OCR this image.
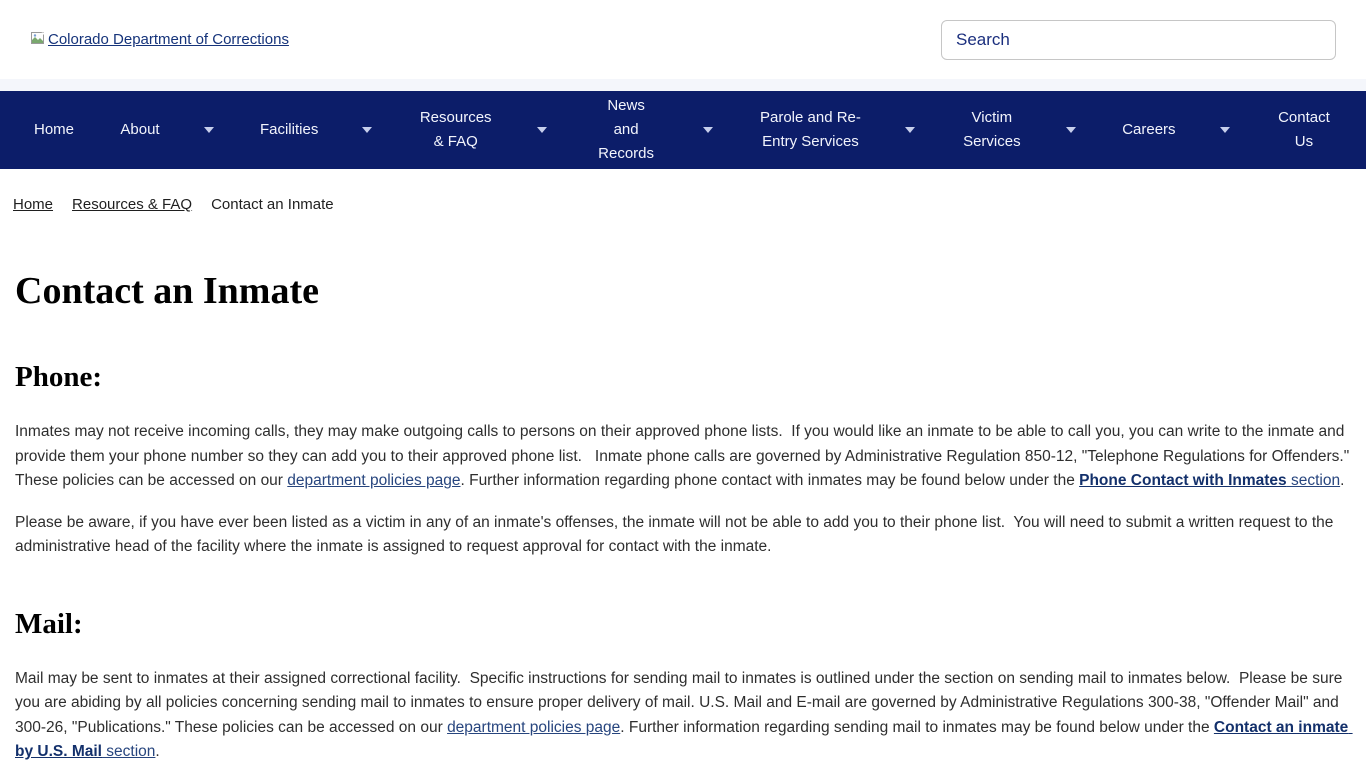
Colorado Department of Corrections
Search
Home	About	Facilities
Resources & FAQ
News and Records
Parole and Re-Entry Services
Victim Services
Careers
Contact Us
Home Resources & FAQ Contact an Inmate
Contact an Inmate
Phone:

Inmates may not receive incoming calls, they may make outgoing calls to persons on their approved phone lists.  If you would like an inmate to be able to call you, you can write to the inmate and provide them your phone number so they can add you to their approved phone list.   Inmate phone calls are governed by Administrative Regulation 850-12, "Telephone Regulations for Offenders." These policies can be accessed on our department policies page. Further information regarding phone contact with inmates may be found below under the Phone Contact with Inmates section.

Please be aware, if you have ever been listed as a victim in any of an inmate's offenses, the inmate will not be able to add you to their phone list.  You will need to submit a written request to the administrative head of the facility where the inmate is assigned to request approval for contact with the inmate.

Mail:

Mail may be sent to inmates at their assigned correctional facility.  Specific instructions for sending mail to inmates is outlined under the section on sending mail to inmates below.  Please be sure you are abiding by all policies concerning sending mail to inmates to ensure proper delivery of mail. U.S. Mail and E-mail are governed by Administrative Regulations 300-38, "Offender Mail" and 300-26, "Publications." These policies can be accessed on our department policies page. Further information regarding sending mail to inmates may be found below under the Contact an inmate by U.S. Mail section.
